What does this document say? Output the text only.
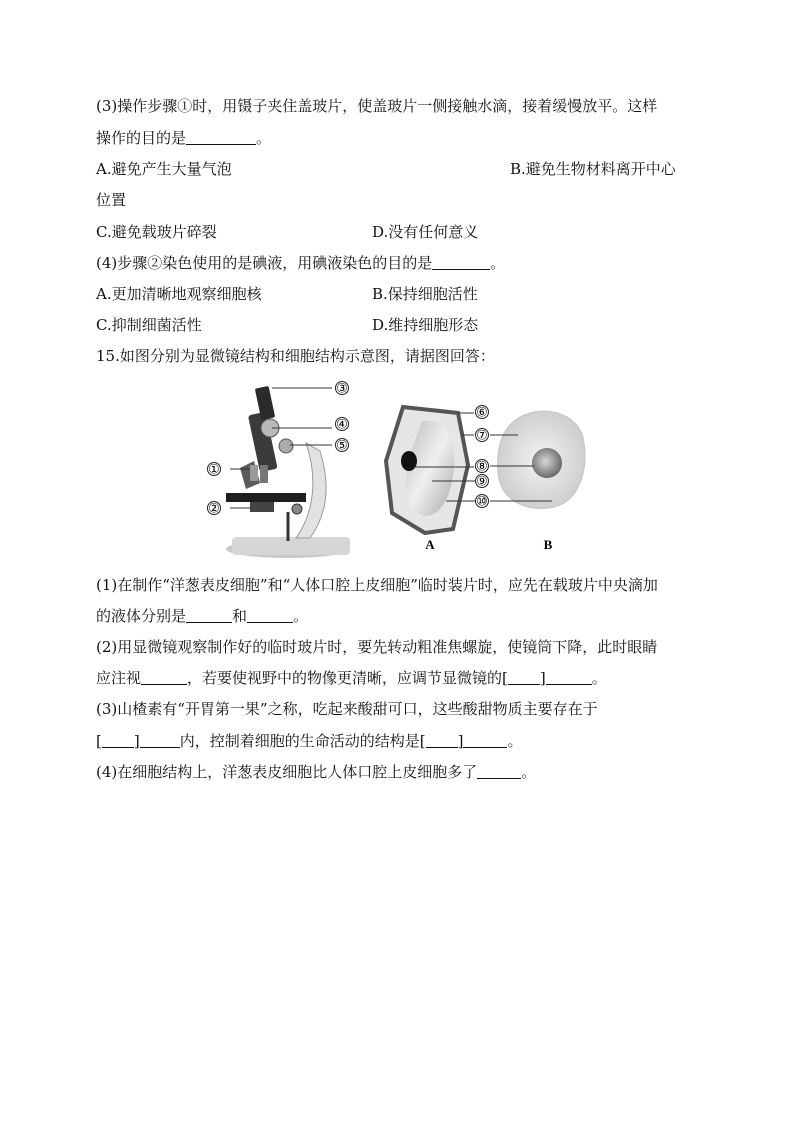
(3)操作步骤①时，用镊子夹住盖玻片，使盖玻片一侧接触水滴，接着缓慢放平。这样
操作的目的是	。
A.避免产生大量气泡	B.避免生物材料离开中心
位置
C.避免载玻片碎裂	D.没有任何意义
(4)步骤②染色使用的是碘液，用碘液染色的目的是	。
A.更加清晰地观察细胞核	B.保持细胞活性
C.抑制细菌活性	D.维持细胞形态
15.如图分别为显微镜结构和细胞结构示意图，请据图回答：
③
④
⑤
①
②
⑥
⑦
⑧
⑨
⑩
A	B
(1)在制作“洋葱表皮细胞”和“人体口腔上皮细胞”临时装片时，应先在载玻片中央滴加
的液体分别是	和	。
(2)用显微镜观察制作好的临时玻片时，要先转动粗准焦螺旋，使镜筒下降，此时眼睛
应注视	，若要使视野中的物像更清晰，应调节显微镜的[ ]	。
(3)山楂素有“开胃第一果”之称，吃起来酸甜可口，这些酸甜物质主要存在于
[ ]	内，控制着细胞的生命活动的结构是[ ]	。
(4)在细胞结构上，洋葱表皮细胞比人体口腔上皮细胞多了	。
